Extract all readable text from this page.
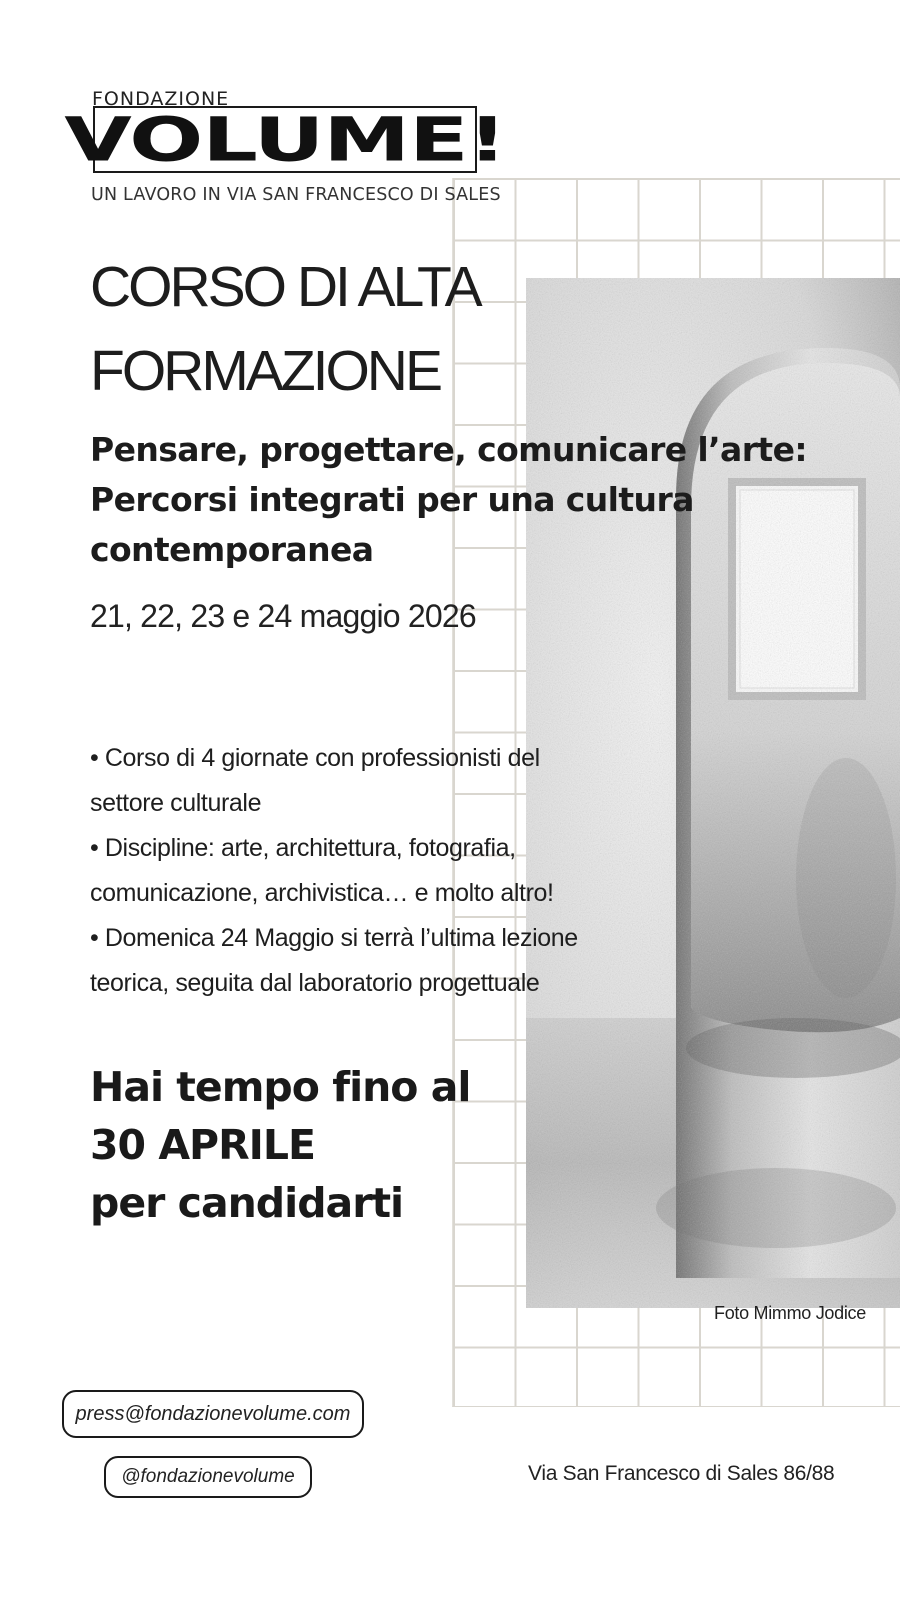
FONDAZIONE
VOLUME!
UN LAVORO IN VIA SAN FRANCESCO DI SALES
CORSO DI ALTA
FORMAZIONE
Pensare, progettare, comunicare l’arte:
Percorsi integrati per una cultura
contemporanea
21, 22, 23 e 24 maggio 2026
• Corso di 4 giornate con professionisti del
settore culturale
• Discipline: arte, architettura, fotografia,
comunicazione, archivistica… e molto altro!
• Domenica 24 Maggio si terrà l’ultima lezione
teorica, seguita dal laboratorio progettuale
Hai tempo fino al
30 APRILE
per candidarti
Foto Mimmo Jodice
press@fondazionevolume.com
@fondazionevolume	Via San Francesco di Sales 86/88
